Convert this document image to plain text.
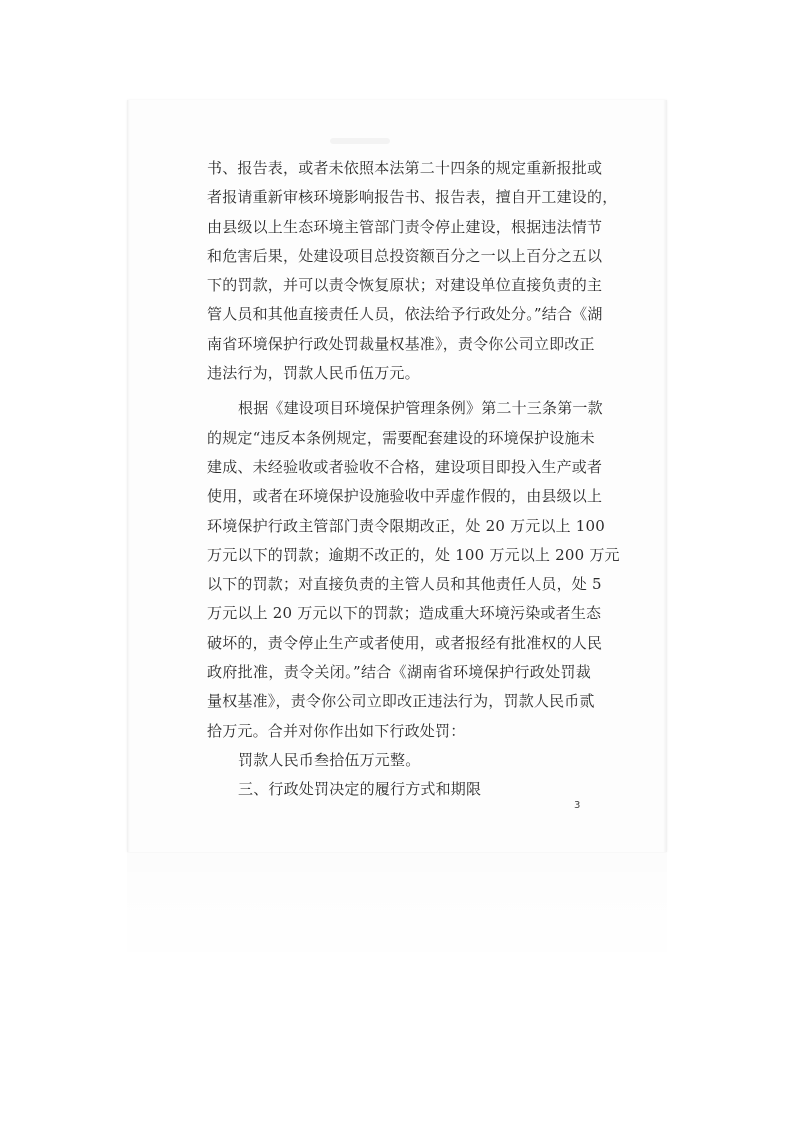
书、报告表，或者未依照本法第二十四条的规定重新报批或
者报请重新审核环境影响报告书、报告表，擅自开工建设的，
由县级以上生态环境主管部门责令停止建设，根据违法情节
和危害后果，处建设项目总投资额百分之一以上百分之五以
下的罚款，并可以责令恢复原状；对建设单位直接负责的主
管人员和其他直接责任人员，依法给予行政处分。”结合《湖
南省环境保护行政处罚裁量权基准》，责令你公司立即改正
违法行为，罚款人民币伍万元。
根据《建设项目环境保护管理条例》第二十三条第一款
的规定“违反本条例规定，需要配套建设的环境保护设施未
建成、未经验收或者验收不合格，建设项目即投入生产或者
使用，或者在环境保护设施验收中弄虚作假的，由县级以上
环境保护行政主管部门责令限期改正，处 20 万元以上 100
万元以下的罚款；逾期不改正的，处 100 万元以上 200 万元
以下的罚款；对直接负责的主管人员和其他责任人员，处 5
万元以上 20 万元以下的罚款；造成重大环境污染或者生态
破坏的，责令停止生产或者使用，或者报经有批准权的人民
政府批准，责令关闭。”结合《湖南省环境保护行政处罚裁
量权基准》，责令你公司立即改正违法行为，罚款人民币贰
拾万元。合并对你作出如下行政处罚：
罚款人民币叁拾伍万元整。
三、行政处罚决定的履行方式和期限
3
